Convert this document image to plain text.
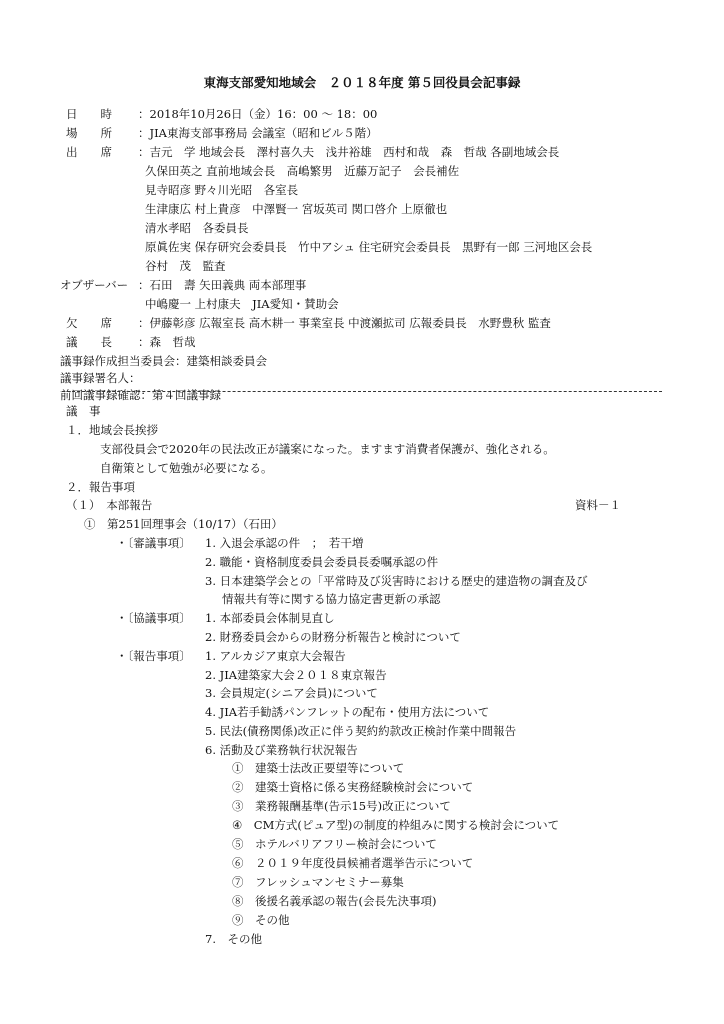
東海支部愛知地域会　２０１８年度 第５回役員会記事録
日　　時 ：2018年10月26日（金）16：00 ～ 18：00
場　　所 ：JIA東海支部事務局 会議室（昭和ビル５階）
出　　席 ：吉元　学 地域会長　澤村喜久夫　浅井裕雄　西村和哉　森　哲哉 各副地域会長
久保田英之 直前地域会長　高嶋繁男　近藤万記子　会長補佐
見寺昭彦 野々川光昭　各室長
生津康広 村上貴彦　中澤賢一 宮坂英司 関口啓介 上原徹也
清水孝昭　各委員長
原眞佐実 保存研究会委員長　竹中アシュ 住宅研究会委員長　黒野有一郎 三河地区会長
谷村　茂　監査
オブザーバー ：石田　壽 矢田義典 両本部理事
中嶋慶一 上村康夫　JIA愛知・賛助会
欠　　席 ：伊藤彰彦 広報室長 高木耕一 事業室長 中渡瀬拡司 広報委員長　水野豊秋 監査
議　　長 ：森　哲哉
議事録作成担当委員会：建築相談委員会
議事録署名人：
前回議事録確認：第４回議事録
議　事
１．地域会長挨拶
支部役員会で2020年の民法改正が議案になった。ますます消費者保護が、強化される。
自衛策として勉強が必要になる。
２．報告事項
（１）　本部報告	資料－１
①　第251回理事会（10/17）（石田）
・〔審議事項〕 1. 入退会承認の件　；　若干増
2. 職能・資格制度委員会委員長委嘱承認の件
3. 日本建築学会との「平常時及び災害時における歴史的建造物の調査及び
情報共有等に関する協力協定書更新の承認
・〔協議事項〕 1. 本部委員会体制見直し
2. 財務委員会からの財務分析報告と検討について
・〔報告事項〕 1. アルカジア東京大会報告
2. JIA建築家大会２０１８東京報告
3. 会員規定(シニア会員)について
4. JIA若手勧誘パンフレットの配布・使用方法について
5. 民法(債務関係)改正に伴う契約約款改正検討作業中間報告
6. 活動及び業務執行状況報告
①　建築士法改正要望等について
②　建築士資格に係る実務経験検討会について
③　業務報酬基準(告示15号)改正について
④　CM方式(ピュア型)の制度的枠組みに関する検討会について
⑤　ホテルバリアフリー検討会について
⑥　２０１９年度役員候補者選挙告示について
⑦　フレッシュマンセミナー募集
⑧　後援名義承認の報告(会長先決事項)
⑨　その他
7.　その他
